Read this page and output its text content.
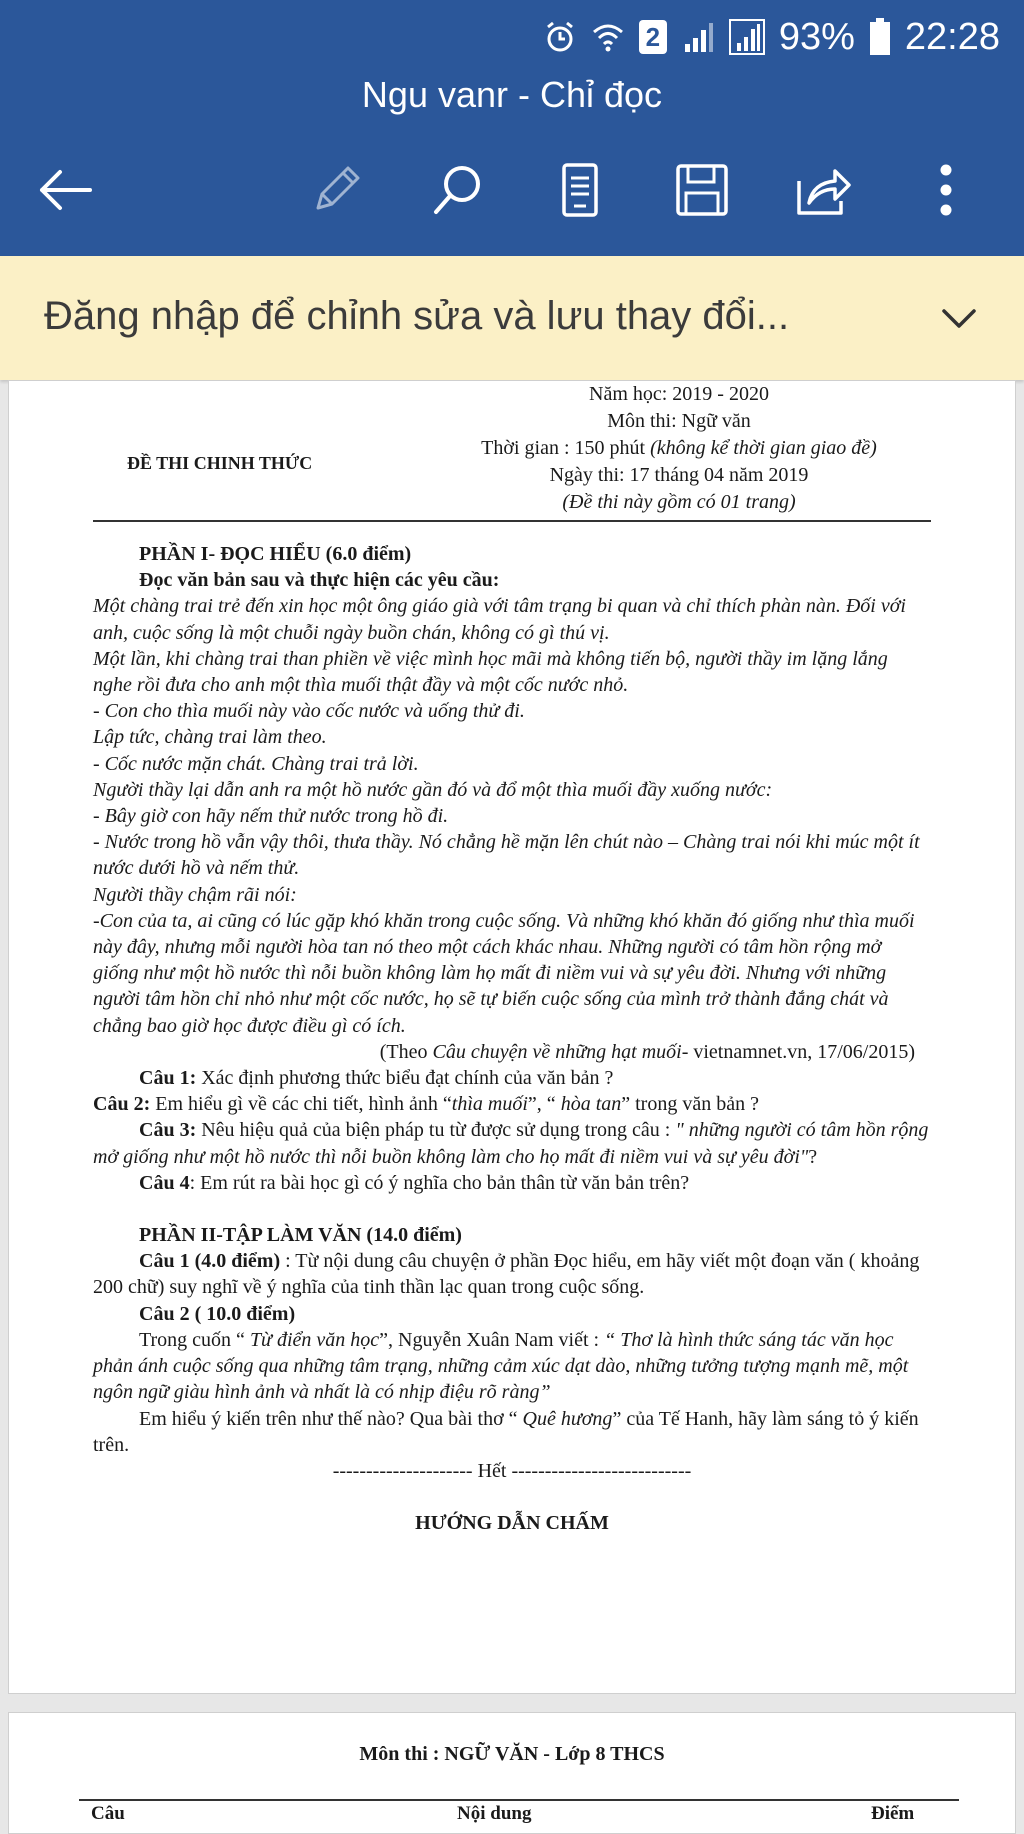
2	93% 22:28
Ngu vanr - Chỉ đọc
Đăng nhập để chỉnh sửa và lưu thay đổi...
Năm học: 2019 - 2020
Môn thi: Ngữ văn
Thời gian : 150 phút (không kể thời gian giao đề)
Ngày thi: 17 tháng 04 năm 2019
(Đề thi này gồm có 01 trang)
ĐỀ THI CHINH THỨC

PHẦN I- ĐỌC HIỂU (6.0 điểm)

Đọc văn bản sau và thực hiện các yêu cầu:

Một chàng trai trẻ đến xin học một ông giáo già với tâm trạng bi quan và chỉ thích phàn nàn. Đối với anh, cuộc sống là một chuỗi ngày buồn chán, không có gì thú vị.

Một lần, khi chàng trai than phiền về việc mình học mãi mà không tiến bộ, người thầy im lặng lắng nghe rồi đưa cho anh một thìa muối thật đầy và một cốc nước nhỏ.

- Con cho thìa muối này vào cốc nước và uống thử đi.

Lập tức, chàng trai làm theo.

- Cốc nước mặn chát. Chàng trai trả lời.

Người thầy lại dẫn anh ra một hồ nước gần đó và đổ một thìa muối đầy xuống nước:

- Bây giờ con hãy nếm thử nước trong hồ đi.

- Nước trong hồ vẫn vậy thôi, thưa thầy. Nó chẳng hề mặn lên chút nào – Chàng trai nói khi múc một ít nước dưới hồ và nếm thử.

Người thầy chậm rãi nói:

-Con của ta, ai cũng có lúc gặp khó khăn trong cuộc sống. Và những khó khăn đó giống như thìa muối này đây, nhưng mỗi người hòa tan nó theo một cách khác nhau. Những người có tâm hồn rộng mở giống như một hồ nước thì nỗi buồn không làm họ mất đi niềm vui và sự yêu đời. Nhưng với những người tâm hồn chỉ nhỏ như một cốc nước, họ sẽ tự biến cuộc sống của mình trở thành đắng chát và chẳng bao giờ học được điều gì có ích.

(Theo Câu chuyện về những hạt muối- vietnamnet.vn, 17/06/2015)

Câu 1: Xác định phương thức biểu đạt chính của văn bản ?

Câu 2: Em hiểu gì về các chi tiết, hình ảnh “thìa muối”, “ hòa tan” trong văn bản ?

Câu 3: Nêu hiệu quả của biện pháp tu từ được sử dụng trong câu : " những người có tâm hồn rộng mở giống như một hồ nước thì nỗi buồn không làm cho họ mất đi niềm vui và sự yêu đời"?

Câu 4: Em rút ra bài học gì có ý nghĩa cho bản thân từ văn bản trên?

PHẦN II-TẬP LÀM VĂN (14.0 điểm)

Câu 1 (4.0 điểm) : Từ nội dung câu chuyện ở phần Đọc hiểu, em hãy viết một đoạn văn ( khoảng 200 chữ) suy nghĩ về ý nghĩa của tinh thần lạc quan trong cuộc sống.

Câu 2 ( 10.0 điểm)

Trong cuốn “ Từ điển văn học”, Nguyễn Xuân Nam viết : “ Thơ là hình thức sáng tác văn học phản ánh cuộc sống qua những tâm trạng, những cảm xúc dạt dào, những tưởng tượng mạnh mẽ, một ngôn ngữ giàu hình ảnh và nhất là có nhịp điệu rõ ràng”

Em hiểu ý kiến trên như thế nào? Qua bài thơ “ Quê hương” của Tế Hanh, hãy làm sáng tỏ ý kiến trên.

--------------------- Hết ---------------------------

HƯỚNG DẪN CHẤM

Môn thi : NGỮ VĂN - Lớp 8 THCS
Câu	Nội dung	Điểm
